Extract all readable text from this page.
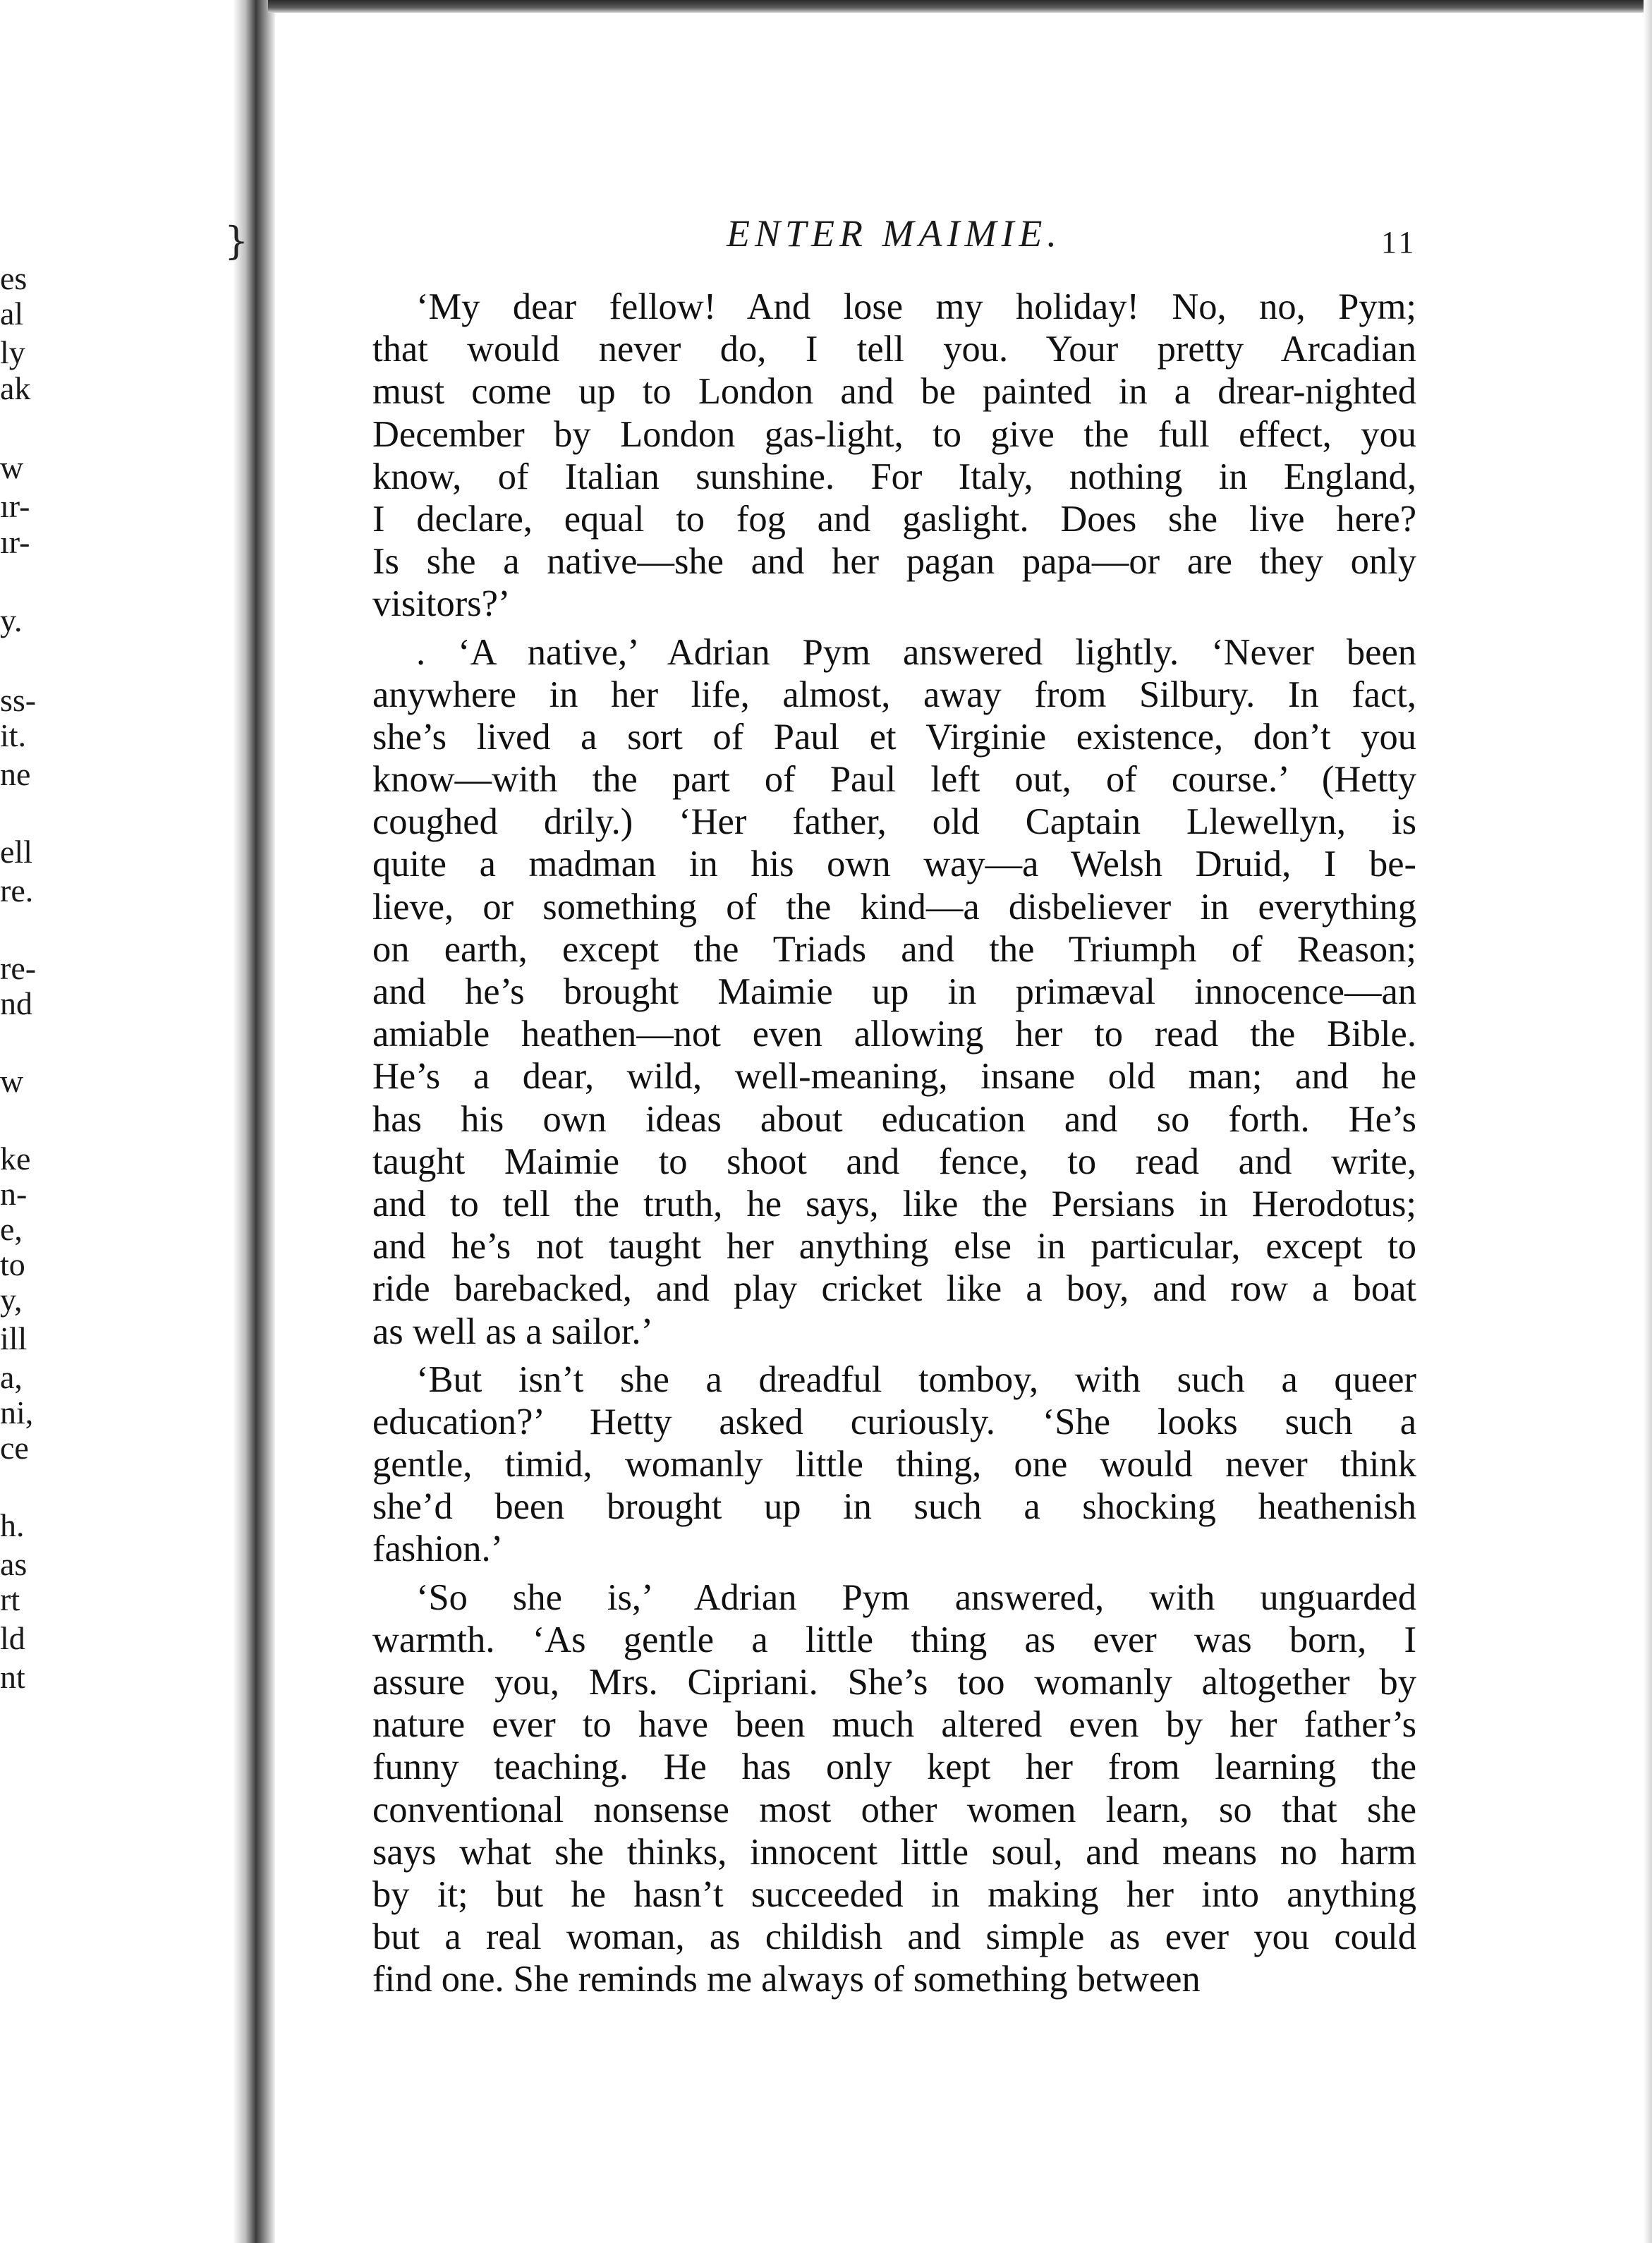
es
al
ly
ak
w
ır-
ır-
y.
ss-
it.
ne
ell
re.
re-
nd
w
ke
n-
e,
to
y,
ill
a,
ni,
ce
h.
as
rt
ld
nt
}	ENTER MAIMIE.	11
‘My dear fellow! And lose my holiday! No, no, Pym;
that would never do, I tell you. Your pretty Arcadian
must come up to London and be painted in a drear-nighted
December by London gas-light, to give the full effect, you
know, of Italian sunshine. For Italy, nothing in England,
I declare, equal to fog and gaslight. Does she live here?
Is she a native—she and her pagan papa—or are they only
visitors?’
. ‘A native,’ Adrian Pym answered lightly. ‘Never been
anywhere in her life, almost, away from Silbury. In fact,
she’s lived a sort of Paul et Virginie existence, don’t you
know—with the part of Paul left out, of course.’ (Hetty
coughed drily.) ‘Her father, old Captain Llewellyn, is
quite a madman in his own way—a Welsh Druid, I be-
lieve, or something of the kind—a disbeliever in everything
on earth, except the Triads and the Triumph of Reason;
and he’s brought Maimie up in primæval innocence—an
amiable heathen—not even allowing her to read the Bible.
He’s a dear, wild, well-meaning, insane old man; and he
has his own ideas about education and so forth. He’s
taught Maimie to shoot and fence, to read and write,
and to tell the truth, he says, like the Persians in Herodotus;
and he’s not taught her anything else in particular, except to
ride barebacked, and play cricket like a boy, and row a boat
as well as a sailor.’
‘But isn’t she a dreadful tomboy, with such a queer
education?’ Hetty asked curiously. ‘She looks such a
gentle, timid, womanly little thing, one would never think
she’d been brought up in such a shocking heathenish
fashion.’
‘So she is,’ Adrian Pym answered, with unguarded
warmth. ‘As gentle a little thing as ever was born, I
assure you, Mrs. Cipriani. She’s too womanly altogether by
nature ever to have been much altered even by her father’s
funny teaching. He has only kept her from learning the
conventional nonsense most other women learn, so that she
says what she thinks, innocent little soul, and means no harm
by it; but he hasn’t succeeded in making her into anything
but a real woman, as childish and simple as ever you could
find one. She reminds me always of something between
